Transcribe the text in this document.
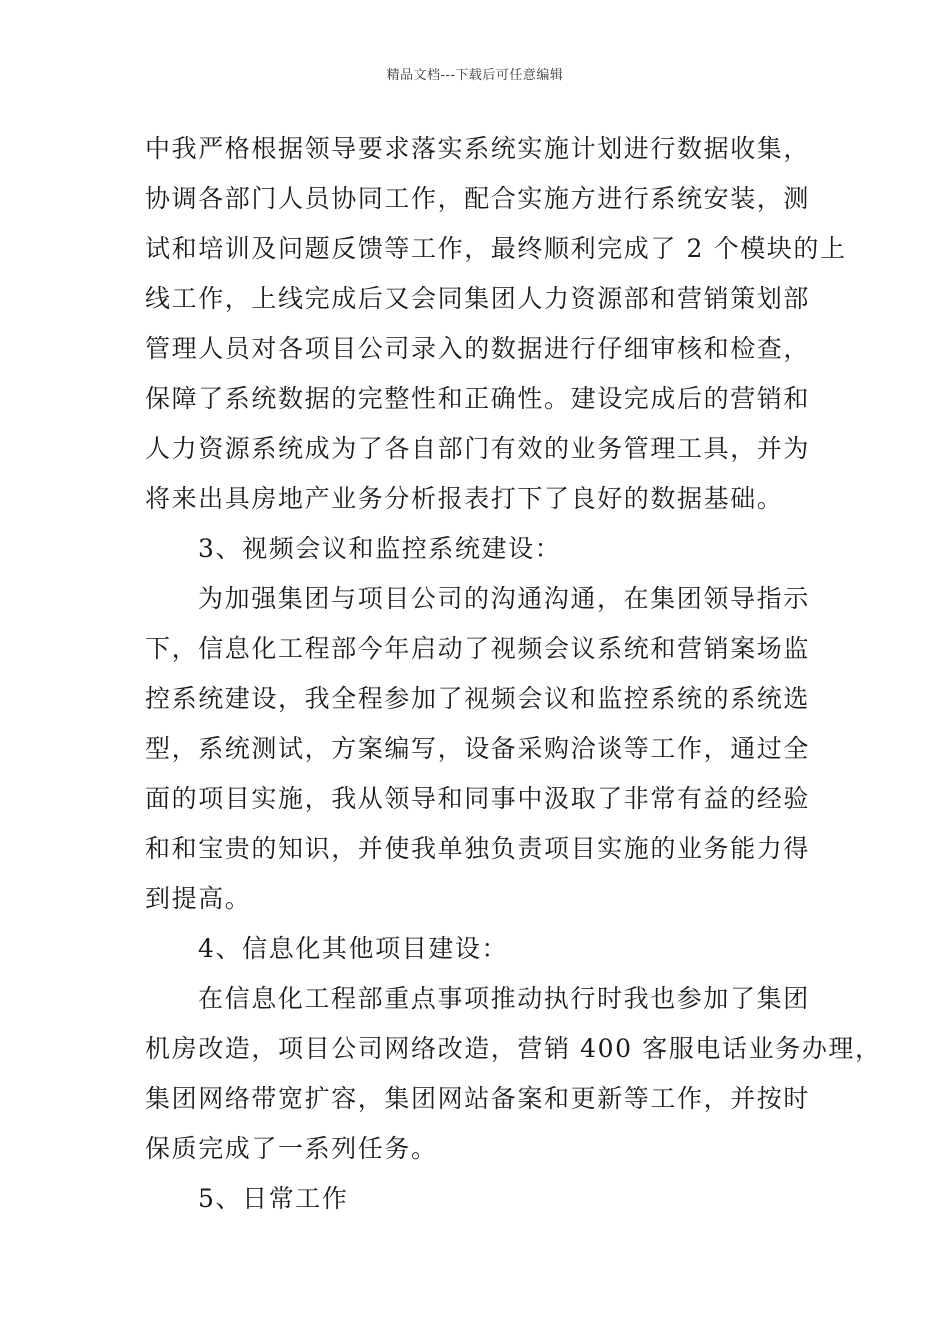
精品文档---下载后可任意编辑
中我严格根据领导要求落实系统实施计划进行数据收集，
协调各部门人员协同工作，配合实施方进行系统安装，测
试和培训及问题反馈等工作，最终顺利完成了 2 个模块的上
线工作，上线完成后又会同集团人力资源部和营销策划部
管理人员对各项目公司录入的数据进行仔细审核和检查，
保障了系统数据的完整性和正确性。建设完成后的营销和
人力资源系统成为了各自部门有效的业务管理工具，并为
将来出具房地产业务分析报表打下了良好的数据基础。
3、视频会议和监控系统建设：
为加强集团与项目公司的沟通沟通，在集团领导指示
下，信息化工程部今年启动了视频会议系统和营销案场监
控系统建设，我全程参加了视频会议和监控系统的系统选
型，系统测试，方案编写，设备采购洽谈等工作，通过全
面的项目实施，我从领导和同事中汲取了非常有益的经验
和和宝贵的知识，并使我单独负责项目实施的业务能力得
到提高。
4、信息化其他项目建设：
在信息化工程部重点事项推动执行时我也参加了集团
机房改造，项目公司网络改造，营销 400 客服电话业务办理，
集团网络带宽扩容，集团网站备案和更新等工作，并按时
保质完成了一系列任务。
5、日常工作
